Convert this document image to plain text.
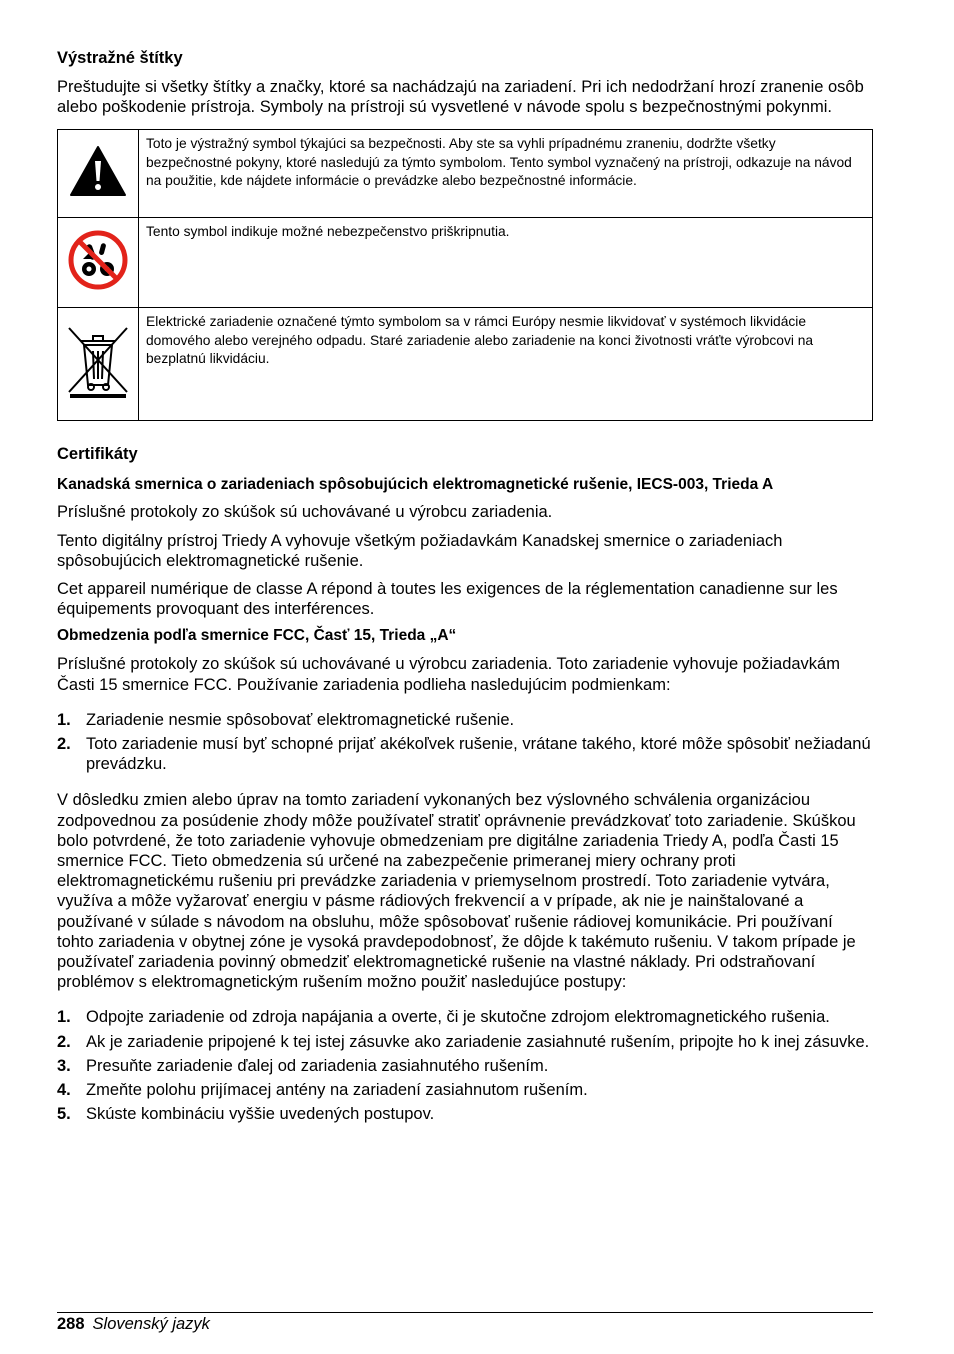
Výstražné štítky

Preštudujte si všetky štítky a značky, ktoré sa nachádzajú na zariadení. Pri ich nedodržaní hrozí zranenie osôb alebo poškodenie prístroja. Symboly na prístroji sú vysvetlené v návode spolu s bezpečnostnými pokynmi.

	Toto je výstražný symbol týkajúci sa bezpečnosti. Aby ste sa vyhli prípadnému zraneniu, dodržte všetky bezpečnostné pokyny, ktoré nasledujú za týmto symbolom. Tento symbol vyznačený na prístroji, odkazuje na návod na použitie, kde nájdete informácie o prevádzke alebo bezpečnostné informácie.
	Tento symbol indikuje možné nebezpečenstvo priškripnutia.
	Elektrické zariadenie označené týmto symbolom sa v rámci Európy nesmie likvidovať v systémoch likvidácie domového alebo verejného odpadu. Staré zariadenie alebo zariadenie na konci životnosti vráťte výrobcovi na bezplatnú likvidáciu.
Certifikáty
Kanadská smernica o zariadeniach spôsobujúcich elektromagnetické rušenie, IECS-003, Trieda A

Príslušné protokoly zo skúšok sú uchovávané u výrobcu zariadenia.

Tento digitálny prístroj Triedy A vyhovuje všetkým požiadavkám Kanadskej smernice o zariadeniach spôsobujúcich elektromagnetické rušenie.

Cet appareil numérique de classe A répond à toutes les exigences de la réglementation canadienne sur les équipements provoquant des interférences.

Obmedzenia podľa smernice FCC, Časť 15, Trieda „A“

Príslušné protokoly zo skúšok sú uchovávané u výrobcu zariadenia. Toto zariadenie vyhovuje požiadavkám Časti 15 smernice FCC. Používanie zariadenia podlieha nasledujúcim podmienkam:

1. Zariadenie nesmie spôsobovať elektromagnetické rušenie.
2. Toto zariadenie musí byť schopné prijať akékoľvek rušenie, vrátane takého, ktoré môže spôsobiť nežiadanú prevádzku.

V dôsledku zmien alebo úprav na tomto zariadení vykonaných bez výslovného schválenia organizáciou zodpovednou za posúdenie zhody môže používateľ stratiť oprávnenie prevádzkovať toto zariadenie. Skúškou bolo potvrdené, že toto zariadenie vyhovuje obmedzeniam pre digitálne zariadenia Triedy A, podľa Časti 15 smernice FCC. Tieto obmedzenia sú určené na zabezpečenie primeranej miery ochrany proti elektromagnetickému rušeniu pri prevádzke zariadenia v priemyselnom prostredí. Toto zariadenie vytvára, využíva a môže vyžarovať energiu v pásme rádiových frekvencií a v prípade, ak nie je nainštalované a používané v súlade s návodom na obsluhu, môže spôsobovať rušenie rádiovej komunikácie. Pri používaní tohto zariadenia v obytnej zóne je vysoká pravdepodobnosť, že dôjde k takémuto rušeniu. V takom prípade je používateľ zariadenia povinný obmedziť elektromagnetické rušenie na vlastné náklady. Pri odstraňovaní problémov s elektromagnetickým rušením možno použiť nasledujúce postupy:

1. Odpojte zariadenie od zdroja napájania a overte, či je skutočne zdrojom elektromagnetického rušenia.
2. Ak je zariadenie pripojené k tej istej zásuvke ako zariadenie zasiahnuté rušením, pripojte ho k inej zásuvke.
3. Presuňte zariadenie ďalej od zariadenia zasiahnutého rušením.
4. Zmeňte polohu prijímacej antény na zariadení zasiahnutom rušením.
5. Skúste kombináciu vyššie uvedených postupov.
288 Slovenský jazyk
